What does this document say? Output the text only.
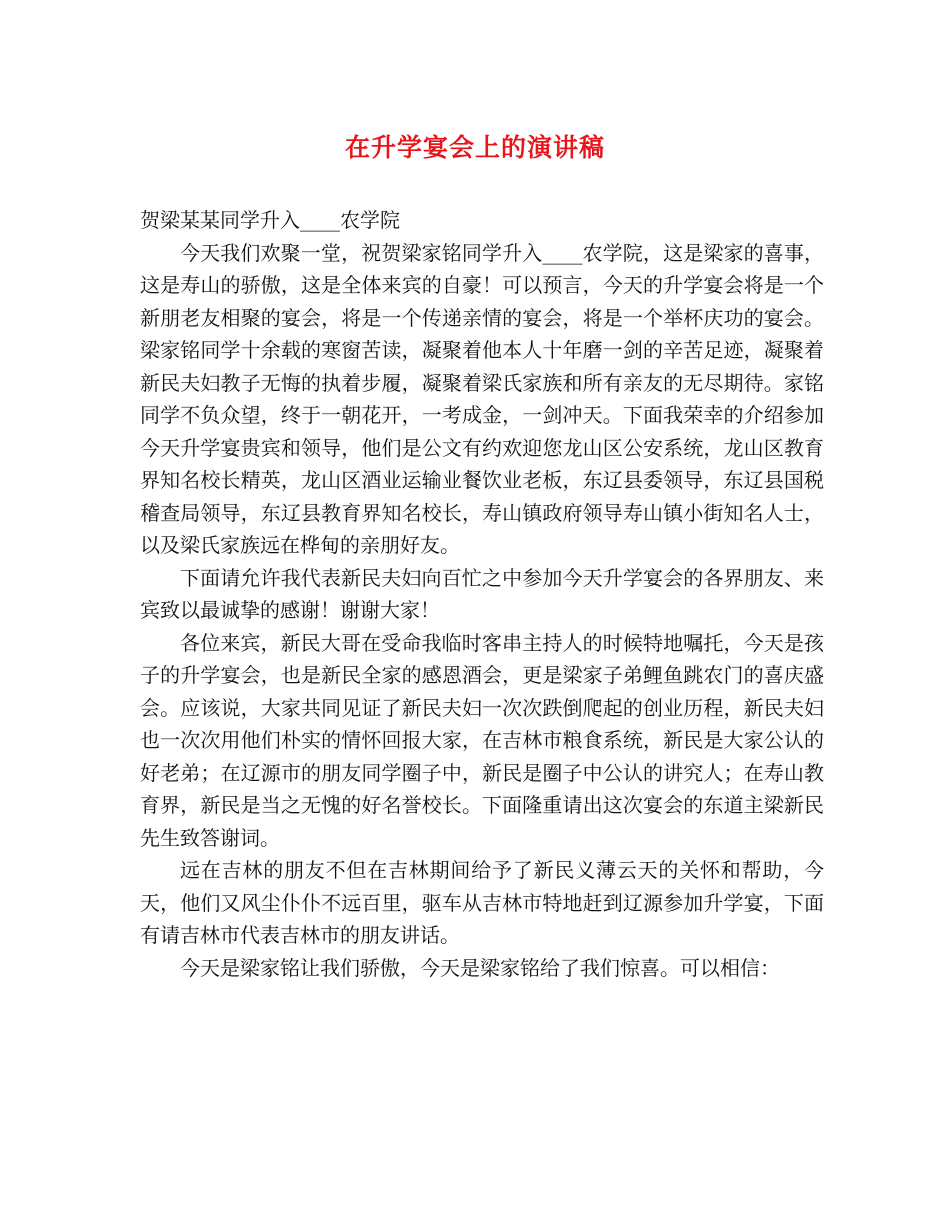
在升学宴会上的演讲稿

贺梁某某同学升入____农学院

今天我们欢聚一堂，祝贺梁家铭同学升入____农学院，这是梁家的喜事，这是寿山的骄傲，这是全体来宾的自豪！可以预言，今天的升学宴会将是一个新朋老友相聚的宴会，将是一个传递亲情的宴会，将是一个举杯庆功的宴会。梁家铭同学十余载的寒窗苦读，凝聚着他本人十年磨一剑的辛苦足迹，凝聚着新民夫妇教子无悔的执着步履，凝聚着梁氏家族和所有亲友的无尽期待。家铭同学不负众望，终于一朝花开，一考成金，一剑冲天。下面我荣幸的介绍参加今天升学宴贵宾和领导，他们是公文有约欢迎您龙山区公安系统，龙山区教育界知名校长精英，龙山区酒业运输业餐饮业老板，东辽县委领导，东辽县国税稽查局领导，东辽县教育界知名校长，寿山镇政府领导寿山镇小街知名人士，以及梁氏家族远在桦甸的亲朋好友。

下面请允许我代表新民夫妇向百忙之中参加今天升学宴会的各界朋友、来宾致以最诚挚的感谢！谢谢大家！

各位来宾，新民大哥在受命我临时客串主持人的时候特地嘱托，今天是孩子的升学宴会，也是新民全家的感恩酒会，更是梁家子弟鲤鱼跳农门的喜庆盛会。应该说，大家共同见证了新民夫妇一次次跌倒爬起的创业历程，新民夫妇也一次次用他们朴实的情怀回报大家，在吉林市粮食系统，新民是大家公认的好老弟；在辽源市的朋友同学圈子中，新民是圈子中公认的讲究人；在寿山教育界，新民是当之无愧的好名誉校长。下面隆重请出这次宴会的东道主梁新民先生致答谢词。

远在吉林的朋友不但在吉林期间给予了新民义薄云天的关怀和帮助，今天，他们又风尘仆仆不远百里，驱车从吉林市特地赶到辽源参加升学宴，下面有请吉林市代表吉林市的朋友讲话。

今天是梁家铭让我们骄傲，今天是梁家铭给了我们惊喜。可以相信：
